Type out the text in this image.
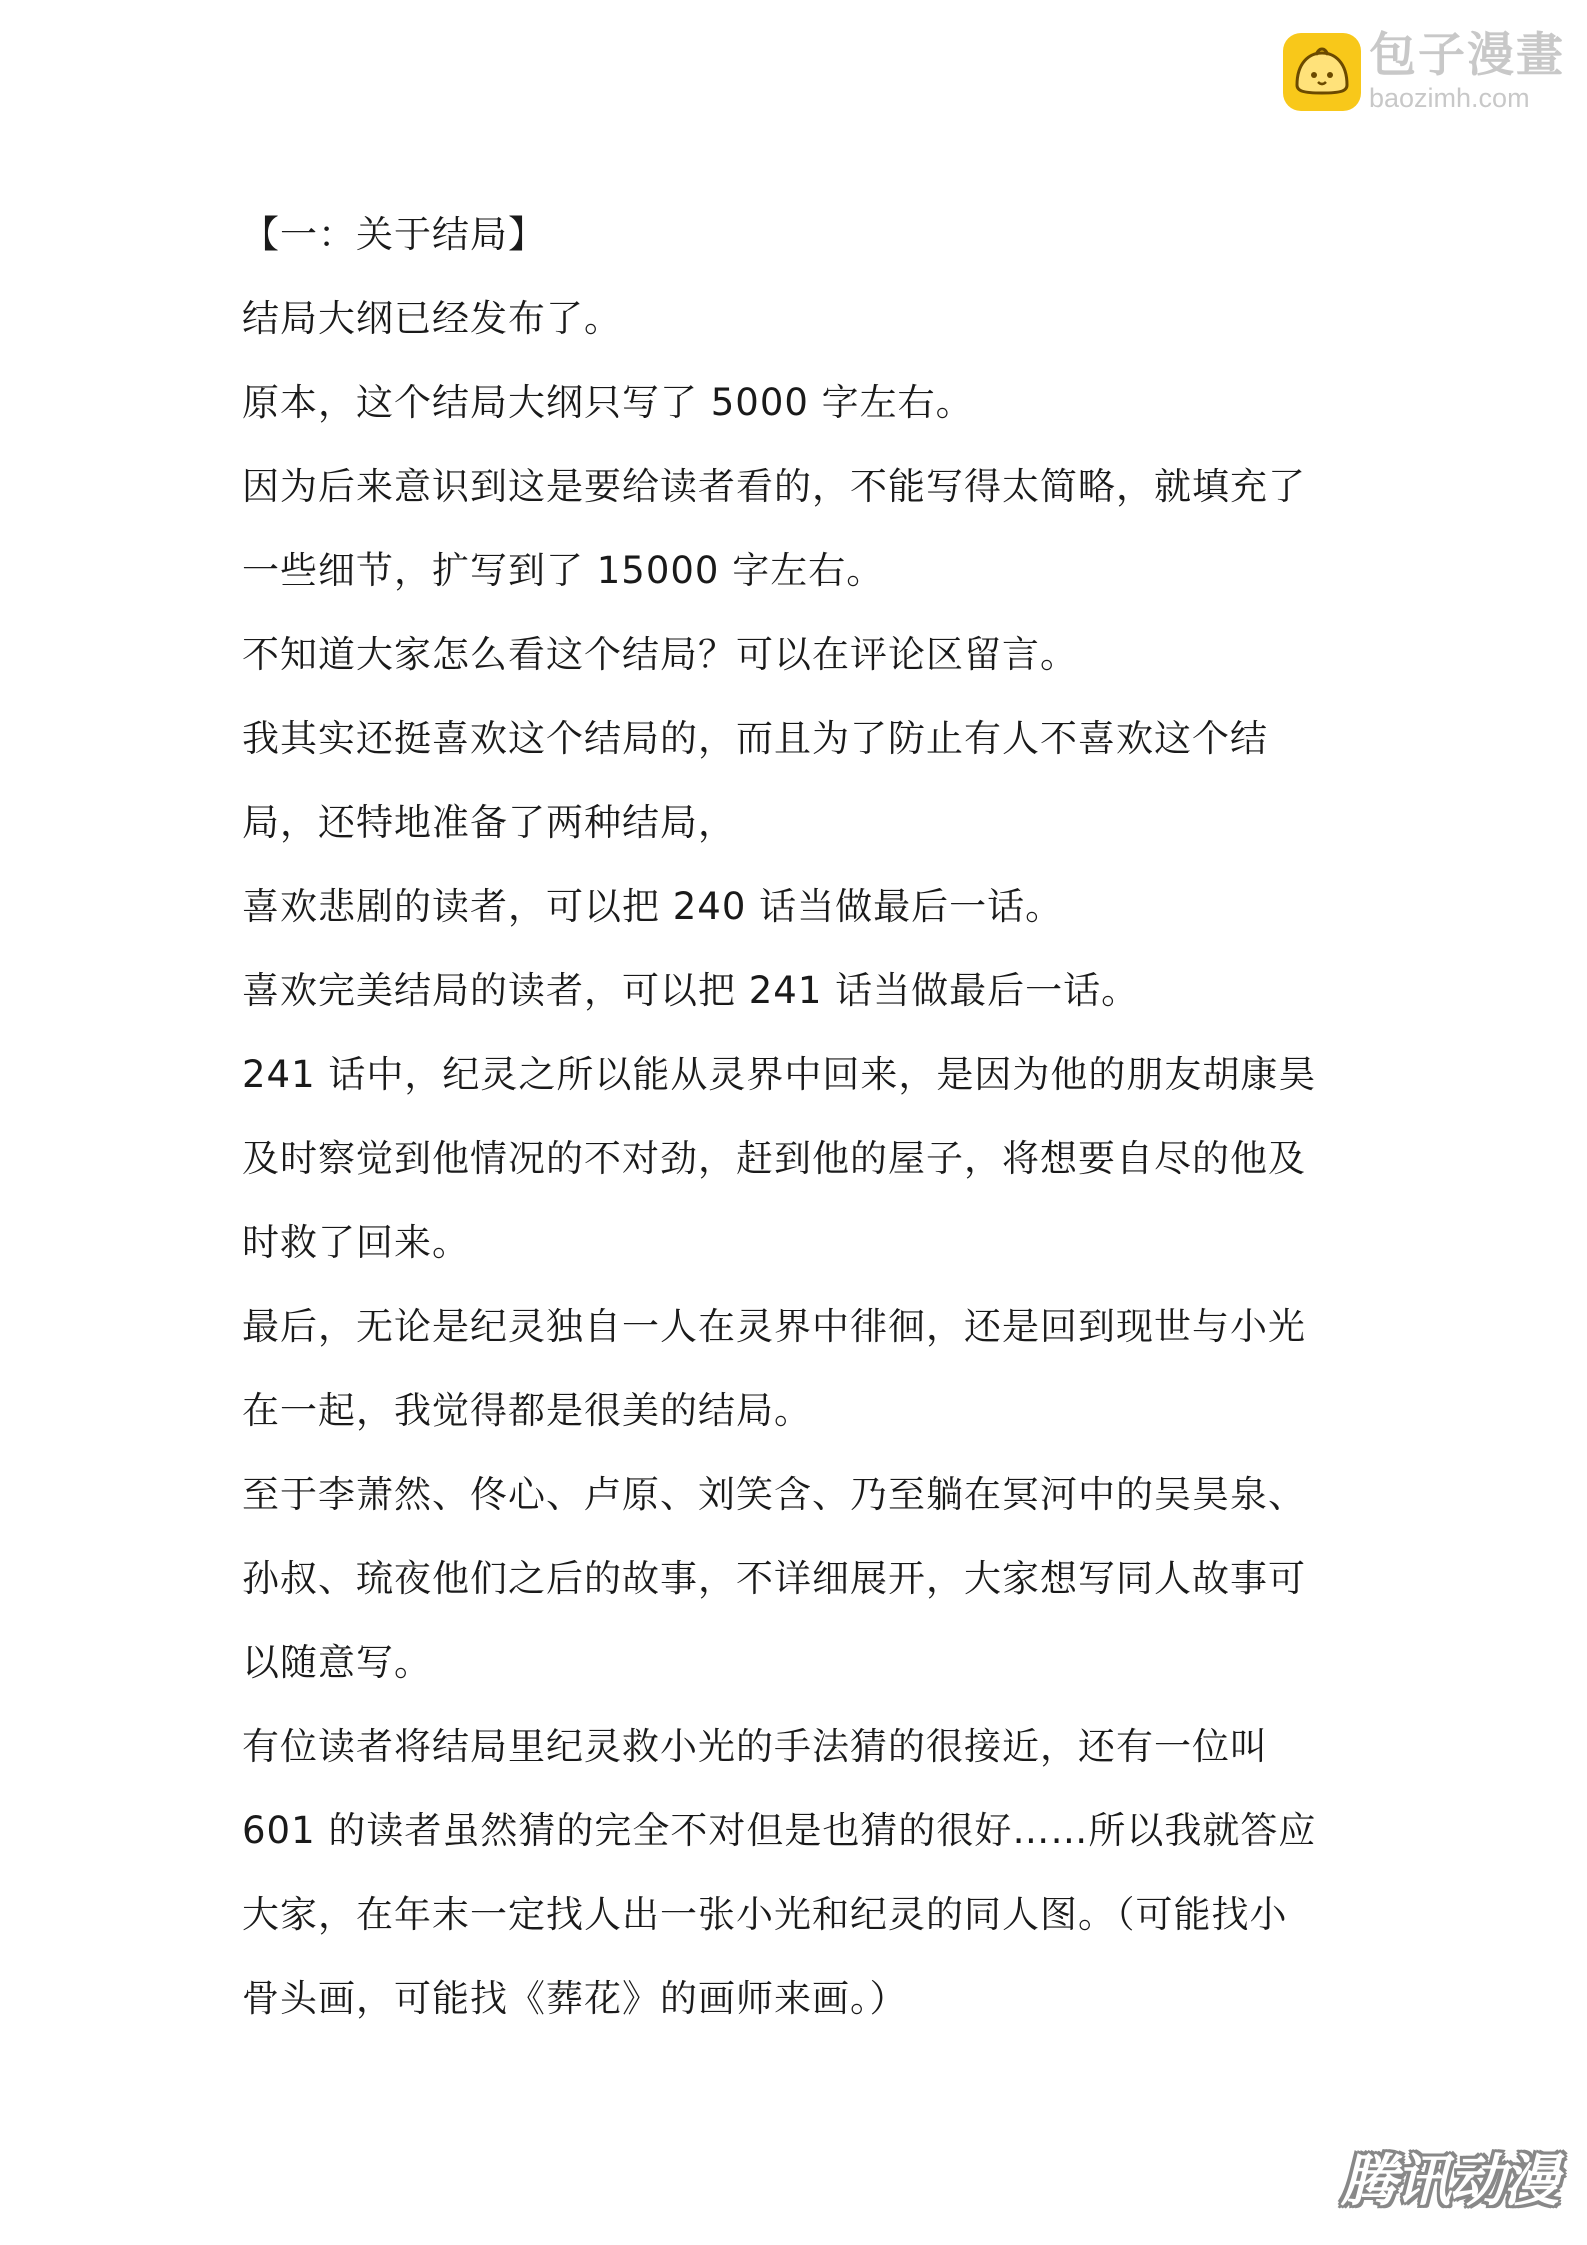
包子漫畫
baozimh.com
【一：关于结局】
结局大纲已经发布了。
原本，这个结局大纲只写了 5000 字左右。
因为后来意识到这是要给读者看的，不能写得太简略，就填充了
一些细节，扩写到了 15000 字左右。
不知道大家怎么看这个结局？可以在评论区留言。
我其实还挺喜欢这个结局的，而且为了防止有人不喜欢这个结
局，还特地准备了两种结局，
喜欢悲剧的读者，可以把 240 话当做最后一话。
喜欢完美结局的读者，可以把 241 话当做最后一话。
241 话中，纪灵之所以能从灵界中回来，是因为他的朋友胡康昊
及时察觉到他情况的不对劲，赶到他的屋子，将想要自尽的他及
时救了回来。
最后，无论是纪灵独自一人在灵界中徘徊，还是回到现世与小光
在一起，我觉得都是很美的结局。
至于李萧然、佟心、卢原、刘笑含、乃至躺在冥河中的吴昊泉、
孙叔、琉夜他们之后的故事，不详细展开，大家想写同人故事可
以随意写。
有位读者将结局里纪灵救小光的手法猜的很接近，还有一位叫
601 的读者虽然猜的完全不对但是也猜的很好……所以我就答应
大家，在年末一定找人出一张小光和纪灵的同人图。（可能找小
骨头画，可能找《葬花》的画师来画。）
腾讯动漫
